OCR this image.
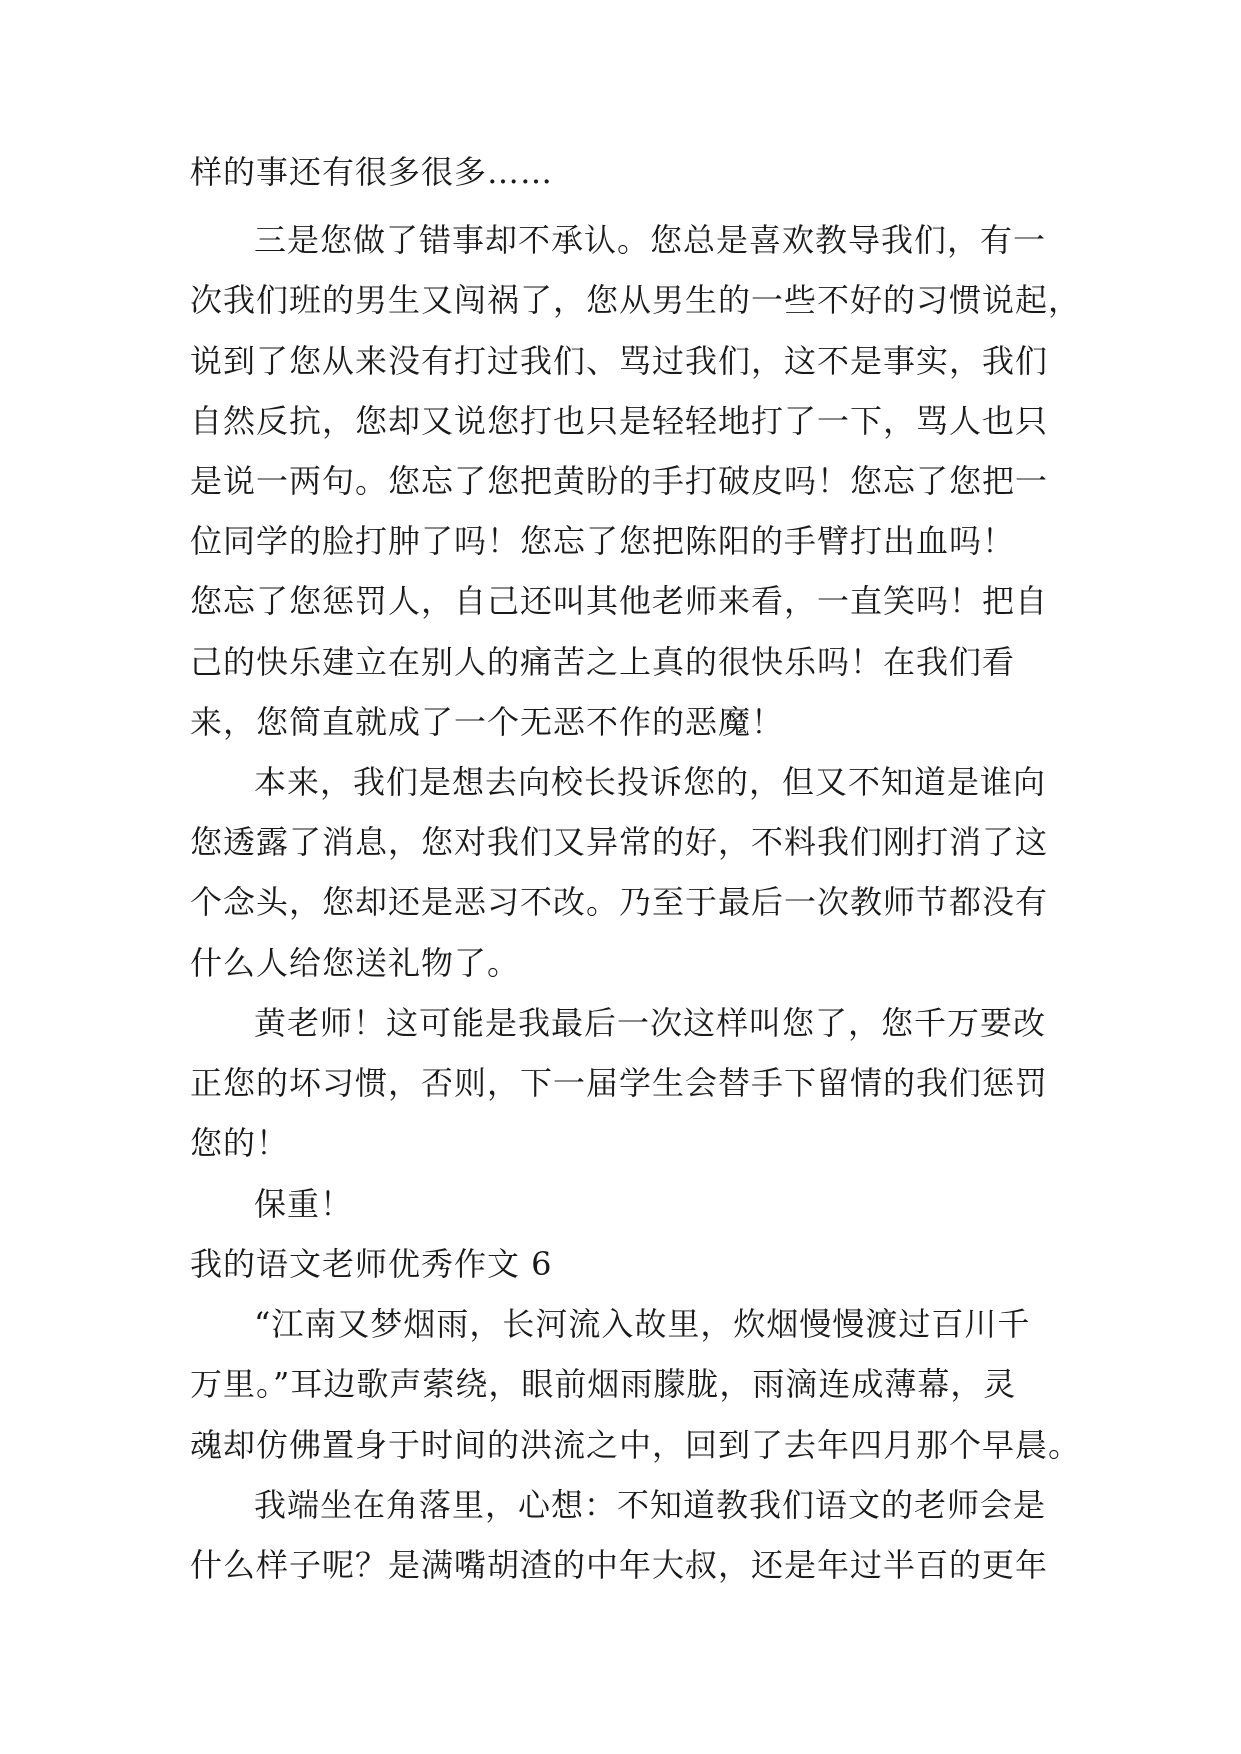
样的事还有很多很多……
三是您做了错事却不承认。您总是喜欢教导我们，有一
次我们班的男生又闯祸了，您从男生的一些不好的习惯说起，
说到了您从来没有打过我们、骂过我们，这不是事实，我们
自然反抗，您却又说您打也只是轻轻地打了一下，骂人也只
是说一两句。您忘了您把黄盼的手打破皮吗！您忘了您把一
位同学的脸打肿了吗！您忘了您把陈阳的手臂打出血吗！
您忘了您惩罚人，自己还叫其他老师来看，一直笑吗！把自
己的快乐建立在别人的痛苦之上真的很快乐吗！在我们看
来，您简直就成了一个无恶不作的恶魔！
本来，我们是想去向校长投诉您的，但又不知道是谁向
您透露了消息，您对我们又异常的好，不料我们刚打消了这
个念头，您却还是恶习不改。乃至于最后一次教师节都没有
什么人给您送礼物了。
黄老师！这可能是我最后一次这样叫您了，您千万要改
正您的坏习惯，否则，下一届学生会替手下留情的我们惩罚
您的！
保重！
我的语文老师优秀作文 6
“江南又梦烟雨，长河流入故里，炊烟慢慢渡过百川千
万里。”耳边歌声萦绕，眼前烟雨朦胧，雨滴连成薄幕，灵
魂却仿佛置身于时间的洪流之中，回到了去年四月那个早晨。
我端坐在角落里，心想：不知道教我们语文的老师会是
什么样子呢？是满嘴胡渣的中年大叔，还是年过半百的更年
